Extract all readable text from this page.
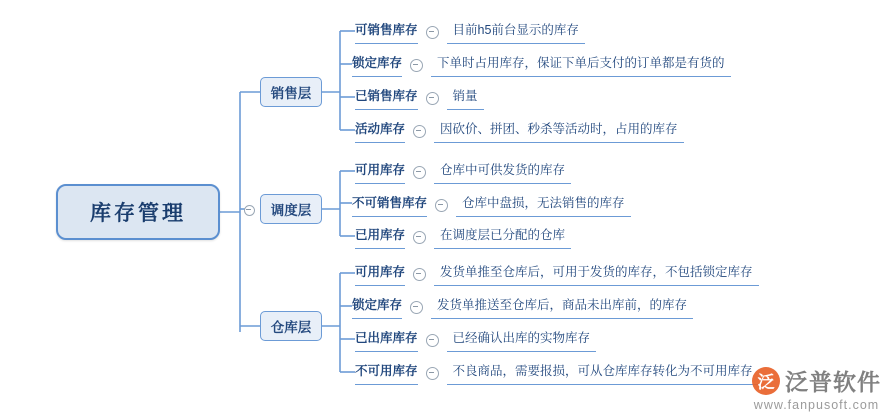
库存管理
销售层
调度层
仓库层
可销售库存	目前h5前台显示的库存
锁定库存	下单时占用库存，保证下单后支付的订单都是有货的
已销售库存	销量
活动库存	因砍价、拼团、秒杀等活动时，占用的库存
可用库存	仓库中可供发货的库存
不可销售库存	仓库中盘损，无法销售的库存
已用库存	在调度层已分配的仓库
可用库存	发货单推至仓库后，可用于发货的库存，不包括锁定库存
锁定库存	发货单推送至仓库后，商品未出库前，的库存
已出库库存	已经确认出库的实物库存
不可用库存	不良商品，需要报损，可从仓库库存转化为不可用库存
泛 泛普软件
www.fanpusoft.com
